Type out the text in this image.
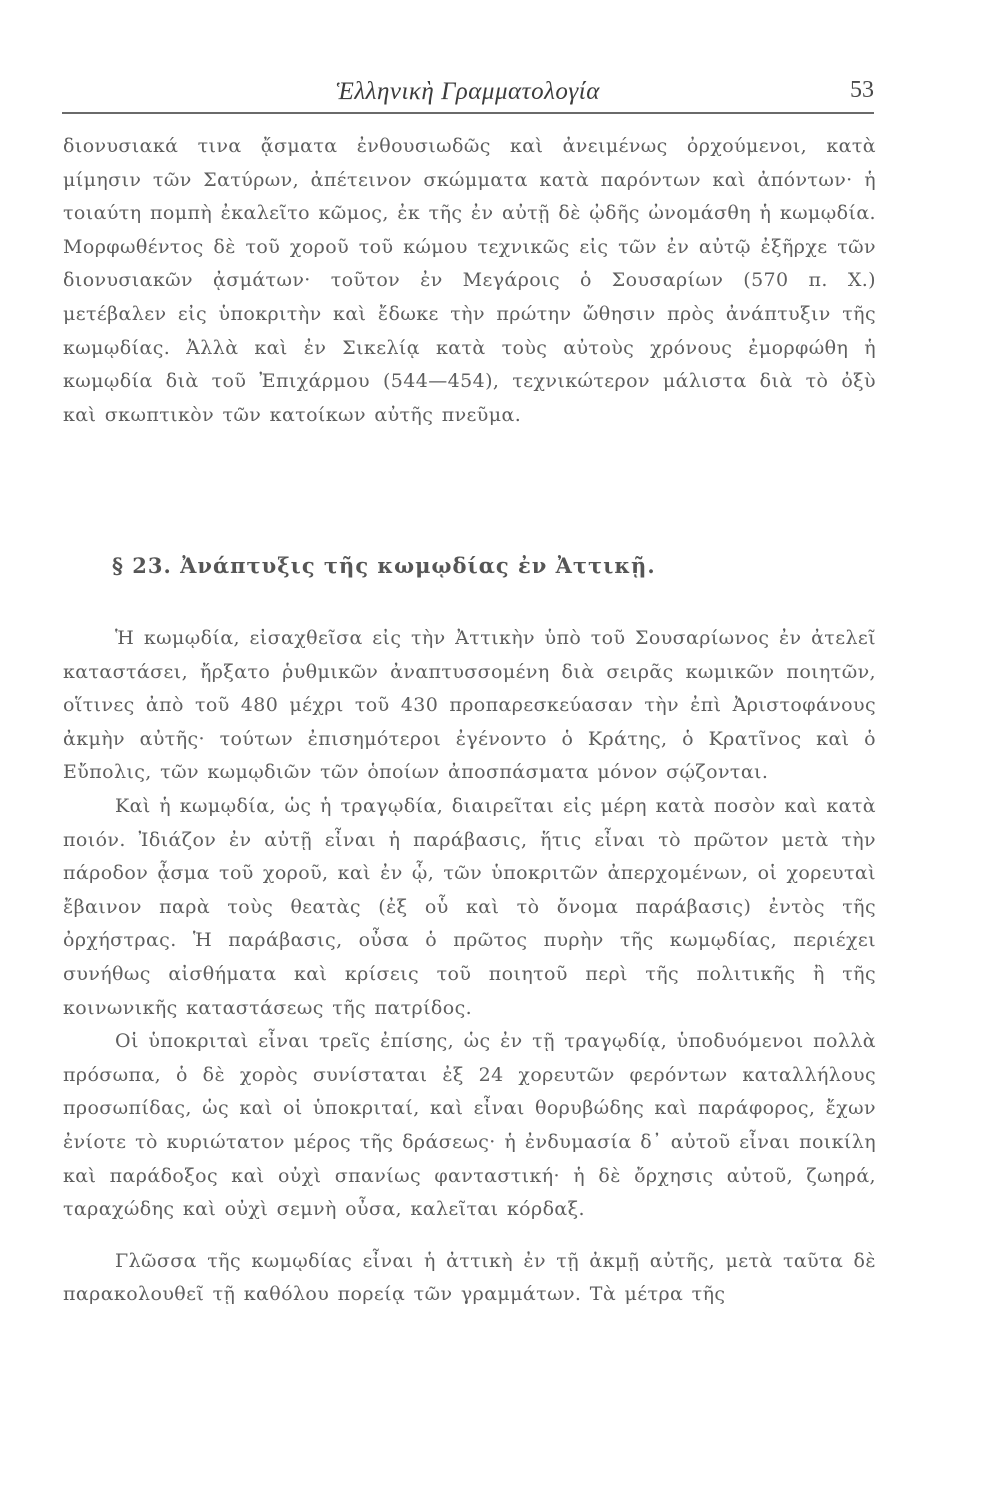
Ἑλληνικὴ Γραμματολογία	53

διονυσιακά τινα ᾄσματα ἐνθουσιωδῶς καὶ ἀνειμένως ὀρχούμενοι, κατὰ μίμησιν τῶν Σατύρων, ἀπέτεινον σκώμματα κατὰ παρόντων καὶ ἀπόντων· ἡ τοιαύτη πομπὴ ἐκαλεῖτο κῶμος, ἐκ τῆς ἐν αὐτῇ δὲ ᾠδῆς ὠνομάσθη ἡ κωμῳδία. Μορφωθέντος δὲ τοῦ χοροῦ τοῦ κώμου τεχνικῶς εἰς τῶν ἐν αὐτῷ ἐξῆρχε τῶν διονυσιακῶν ᾀσμάτων· τοῦτον ἐν Μεγάροις ὁ Σουσαρίων (570 π. Χ.) μετέβαλεν εἰς ὑποκριτὴν καὶ ἔδωκε τὴν πρώτην ὤθησιν πρὸς ἀνάπτυξιν τῆς κωμῳδίας. Ἀλλὰ καὶ ἐν Σικελίᾳ κατὰ τοὺς αὐτοὺς χρόνους ἐμορφώθη ἡ κωμῳδία διὰ τοῦ Ἐπιχάρμου (544—454), τεχνικώτερον μάλιστα διὰ τὸ ὀξὺ καὶ σκωπτικὸν τῶν κατοίκων αὐτῆς πνεῦμα.

§ 23. Ἀνάπτυξις τῆς κωμῳδίας ἐν Ἀττικῇ.

Ἡ κωμῳδία, εἰσαχθεῖσα εἰς τὴν Ἀττικὴν ὑπὸ τοῦ Σουσαρίωνος ἐν ἀτελεῖ καταστάσει, ἤρξατο ῥυθμικῶν ἀναπτυσσομένη διὰ σειρᾶς κωμικῶν ποιητῶν, οἵτινες ἀπὸ τοῦ 480 μέχρι τοῦ 430 προπαρεσκεύασαν τὴν ἐπὶ Ἀριστοφάνους ἀκμὴν αὐτῆς· τούτων ἐπισημότεροι ἐγένοντο ὁ Κράτης, ὁ Κρατῖνος καὶ ὁ Εὔπολις, τῶν κωμῳδιῶν τῶν ὁποίων ἀποσπάσματα μόνον σῴζονται.

Καὶ ἡ κωμῳδία, ὡς ἡ τραγῳδία, διαιρεῖται εἰς μέρη κατὰ ποσὸν καὶ κατὰ ποιόν. Ἰδιάζον ἐν αὐτῇ εἶναι ἡ παράβασις, ἥτις εἶναι τὸ πρῶτον μετὰ τὴν πάροδον ᾆσμα τοῦ χοροῦ, καὶ ἐν ᾧ, τῶν ὑποκριτῶν ἀπερχομένων, οἱ χορευταὶ ἔβαινον παρὰ τοὺς θεατὰς (ἐξ οὗ καὶ τὸ ὄνομα παράβασις) ἐντὸς τῆς ὀρχήστρας. Ἡ παράβασις, οὖσα ὁ πρῶτος πυρὴν τῆς κωμῳδίας, περιέχει συνήθως αἰσθήματα καὶ κρίσεις τοῦ ποιητοῦ περὶ τῆς πολιτικῆς ἢ τῆς κοινωνικῆς καταστάσεως τῆς πατρίδος.

Οἱ ὑποκριταὶ εἶναι τρεῖς ἐπίσης, ὡς ἐν τῇ τραγῳδίᾳ, ὑποδυόμενοι πολλὰ πρόσωπα, ὁ δὲ χορὸς συνίσταται ἐξ 24 χορευτῶν φερόντων καταλλήλους προσωπίδας, ὡς καὶ οἱ ὑποκριταί, καὶ εἶναι θορυβώδης καὶ παράφορος, ἔχων ἐνίοτε τὸ κυριώτατον μέρος τῆς δράσεως· ἡ ἐνδυμασία δ᾽ αὐτοῦ εἶναι ποικίλη καὶ παράδοξος καὶ οὐχὶ σπανίως φανταστική· ἡ δὲ ὄρχησις αὐτοῦ, ζωηρά, ταραχώδης καὶ οὐχὶ σεμνὴ οὖσα, καλεῖται κόρδαξ.

Γλῶσσα τῆς κωμῳδίας εἶναι ἡ ἀττικὴ ἐν τῇ ἀκμῇ αὐτῆς, μετὰ ταῦτα δὲ παρακολουθεῖ τῇ καθόλου πορείᾳ τῶν γραμμάτων. Τὰ μέτρα τῆς
